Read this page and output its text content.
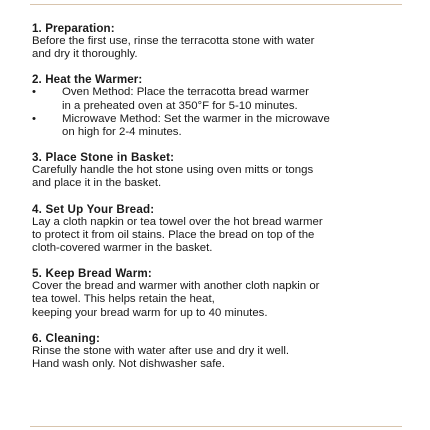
1. Preparation:
Before the first use, rinse the terracotta stone with water
and dry it thoroughly.
2. Heat the Warmer:
•	Oven Method: Place the terracotta bread warmer
in a preheated oven at 350°F for 5-10 minutes.
•	Microwave Method: Set the warmer in the microwave
on high for 2-4 minutes.
3. Place Stone in Basket:
Carefully handle the hot stone using oven mitts or tongs
and place it in the basket.
4. Set Up Your Bread:
Lay a cloth napkin or tea towel over the hot bread warmer
to protect it from oil stains. Place the bread on top of the
cloth-covered warmer in the basket.
5. Keep Bread Warm:
Cover the bread and warmer with another cloth napkin or
tea towel. This helps retain the heat,
keeping your bread warm for up to 40 minutes.
6. Cleaning:
Rinse the stone with water after use and dry it well.
Hand wash only. Not dishwasher safe.
